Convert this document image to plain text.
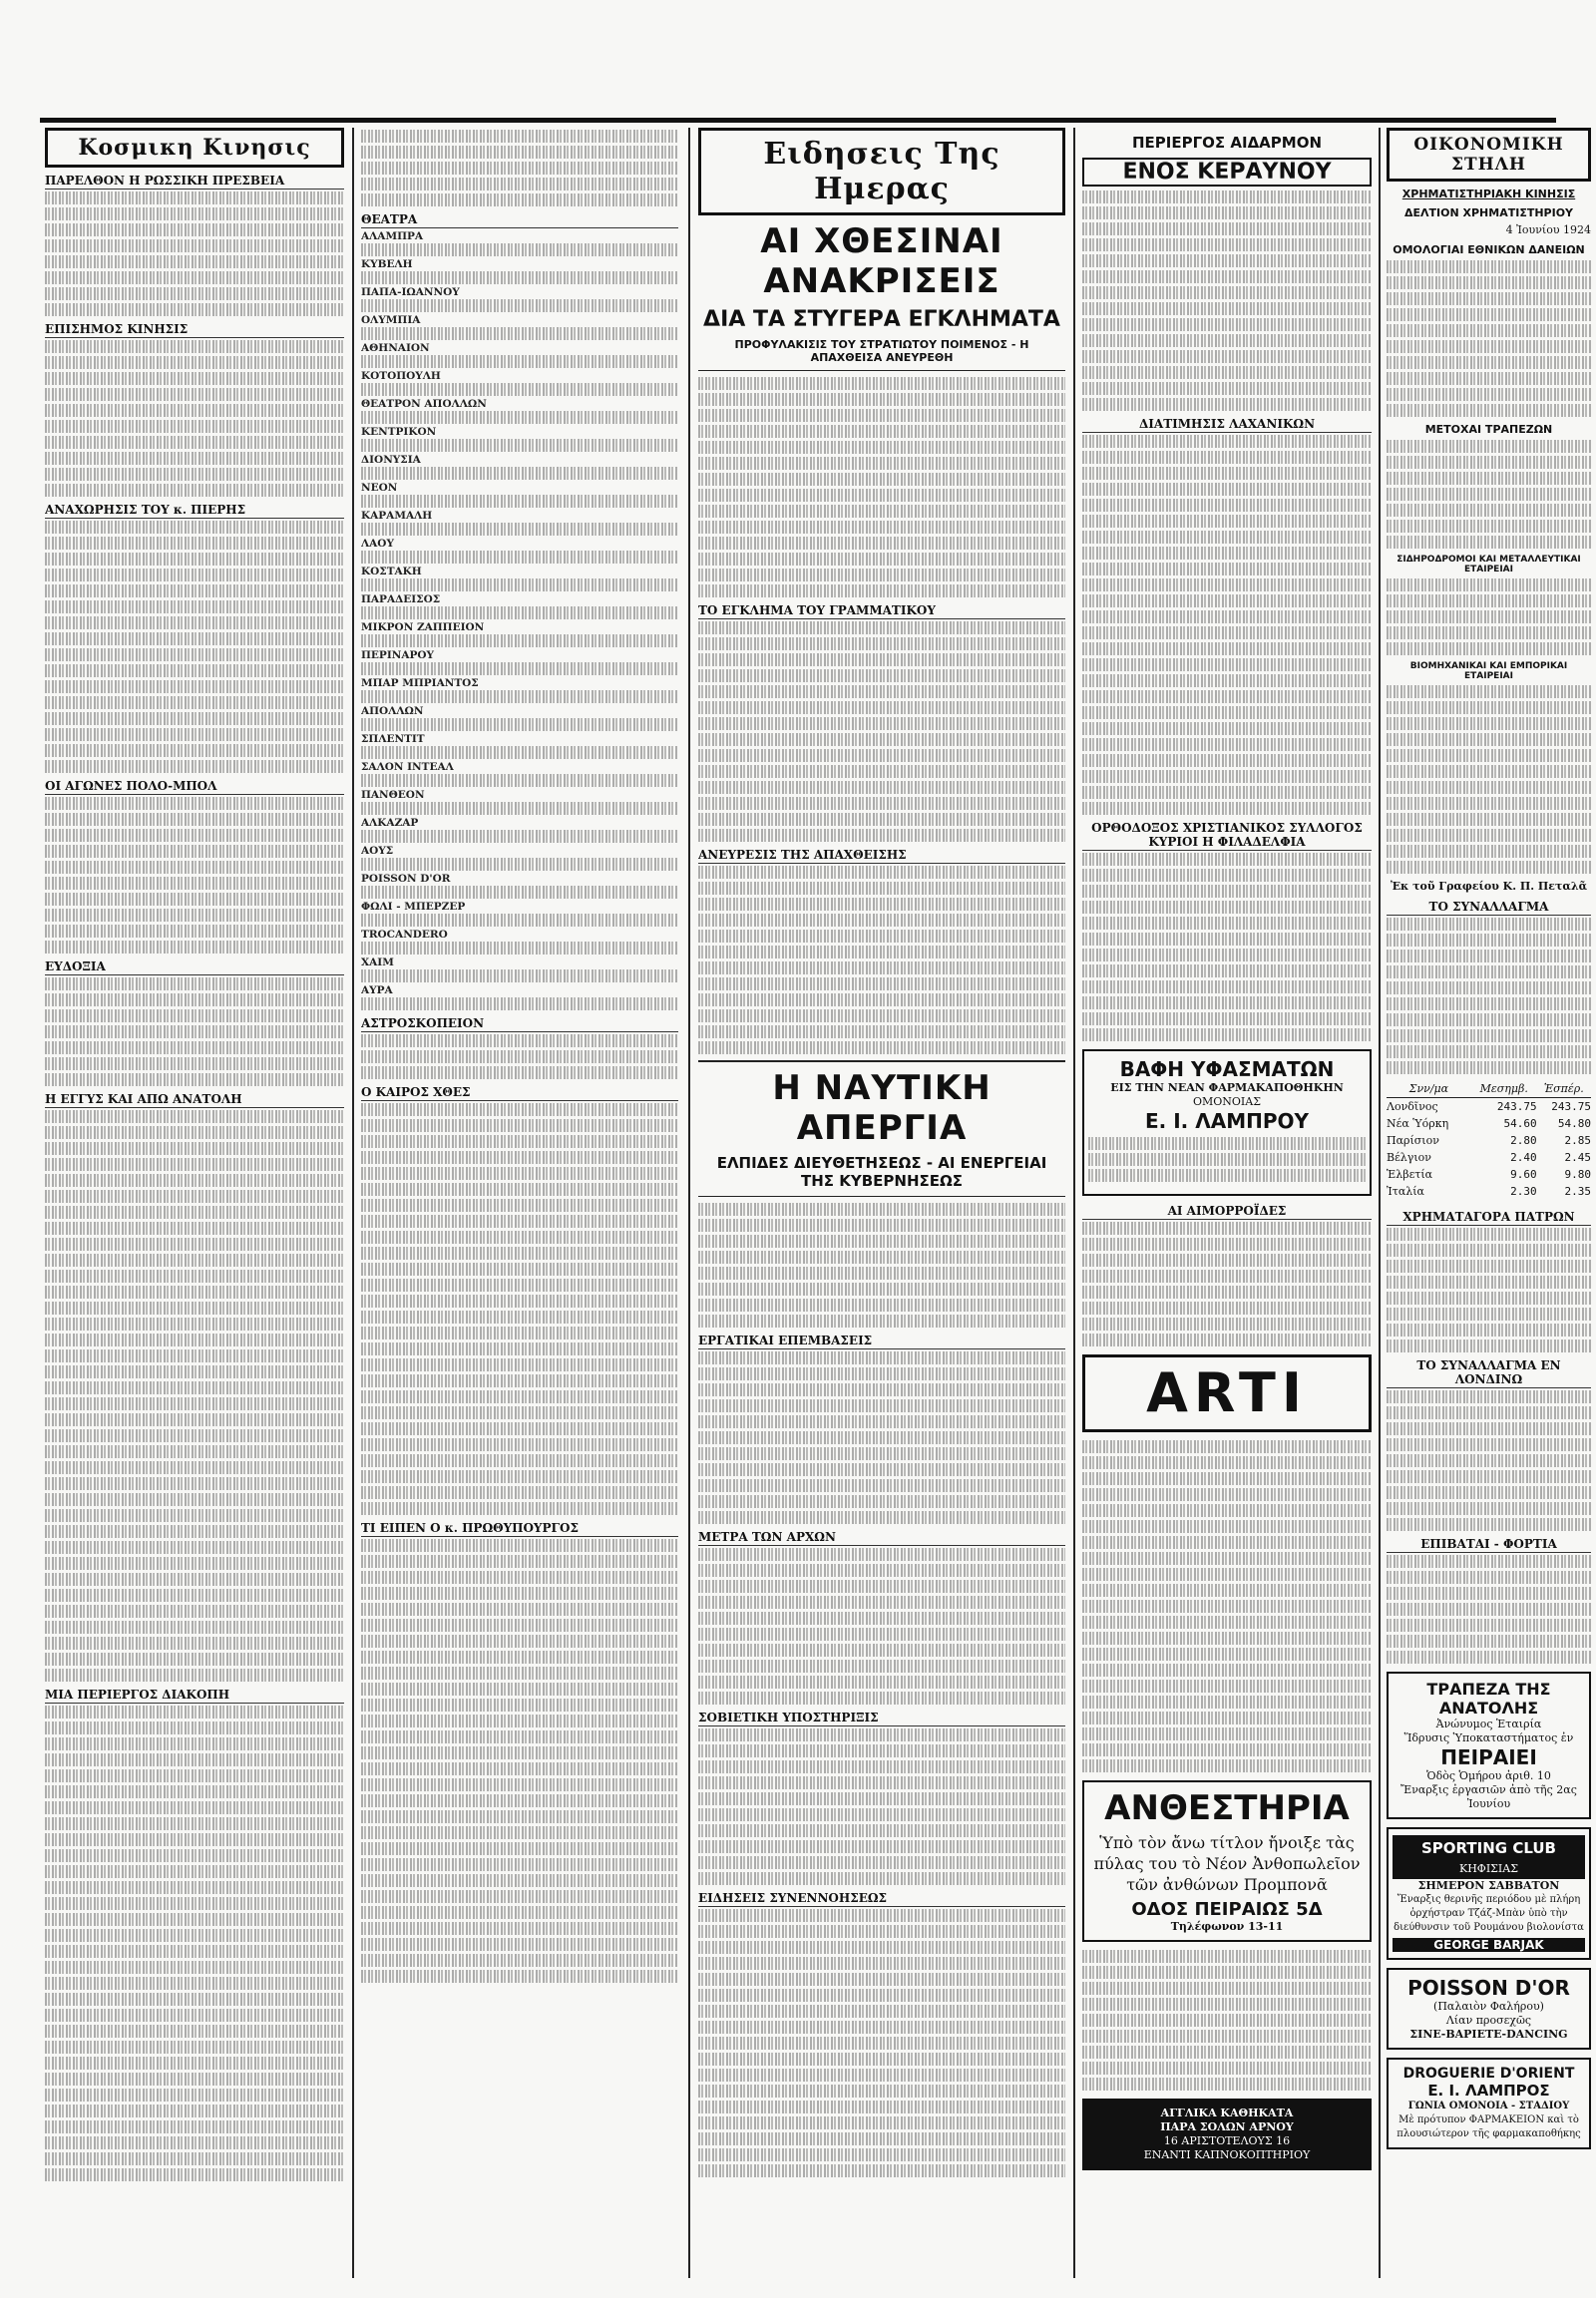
Κοσμικη Κινησις
ΠΑΡΕΛΘΟΝ Η ΡΩΣΣΙΚΗ ΠΡΕΣΒΕΙΑ
ΕΠΙΣΗΜΟΣ ΚΙΝΗΣΙΣ
ΑΝΑΧΩΡΗΣΙΣ ΤΟΥ κ. ΠΙΕΡΗΣ
ΟΙ ΑΓΩΝΕΣ ΠΟΛΟ-ΜΠΟΛ
ΕΥΔΟΞΙΑ
Η ΕΓΓΥΣ ΚΑΙ ΑΠΩ ΑΝΑΤΟΛΗ
ΜΙΑ ΠΕΡΙΕΡΓΟΣ ΔΙΑΚΟΠΗ
ΘΕΑΤΡΑ
ΑΛΑΜΠΡΑ
ΚΥΒΕΛΗ
ΠΑΠΑ-ΙΩΑΝΝΟΥ
ΟΛΥΜΠΙΑ
ΑΘΗΝΑΙΟΝ
ΚΟΤΟΠΟΥΛΗ
ΘΕΑΤΡΟΝ ΑΠΟΛΛΩΝ
ΚΕΝΤΡΙΚΟΝ
ΔΙΟΝΥΣΙΑ
ΝΕΟΝ
ΚΑΡΑΜΑΛΗ
ΛΑΟΥ
ΚΟΣΤΑΚΗ
ΠΑΡΑΔΕΙΣΟΣ
ΜΙΚΡΟΝ ΖΑΠΠΕΙΟΝ
ΠΕΡΙΝΑΡΟΥ
ΜΠΑΡ ΜΠΡΙΑΝΤΟΣ
ΑΠΟΛΛΩΝ
ΣΠΛΕΝΤΙΤ
ΣΑΛΟΝ ΙΝΤΕΑΛ
ΠΑΝΘΕΟΝ
ΑΛΚΑΖΑΡ
ΑΟΥΣ
POISSON D'OR
ΦΩΛΙ - ΜΠΕΡΖΕΡ
TROCANDERO
ΧΑΙΜ
ΑΥΡΑ
ΑΣΤΡΟΣΚΟΠΕΙΟΝ
Ο ΚΑΙΡΟΣ ΧΘΕΣ
ΤΙ ΕΙΠΕΝ Ο κ. ΠΡΩΘΥΠΟΥΡΓΟΣ
Ειδησεις Της Ημερας
ΑΙ ΧΘΕΣΙΝΑΙ ΑΝΑΚΡΙΣΕΙΣ
ΔΙΑ ΤΑ ΣΤΥΓΕΡΑ ΕΓΚΛΗΜΑΤΑ
ΠΡΟΦΥΛΑΚΙΣΙΣ ΤΟΥ ΣΤΡΑΤΙΩΤΟΥ ΠΟΙΜΕΝΟΣ - Η ΑΠΑΧΘΕΙΣΑ ΑΝΕΥΡΕΘΗ
ΤΟ ΕΓΚΛΗΜΑ ΤΟΥ ΓΡΑΜΜΑΤΙΚΟΥ
ΑΝΕΥΡΕΣΙΣ ΤΗΣ ΑΠΑΧΘΕΙΣΗΣ
Η ΝΑΥΤΙΚΗ ΑΠΕΡΓΙΑ
ΕΛΠΙΔΕΣ ΔΙΕΥΘΕΤΗΣΕΩΣ - ΑΙ ΕΝΕΡΓΕΙΑΙ ΤΗΣ ΚΥΒΕΡΝΗΣΕΩΣ
ΕΡΓΑΤΙΚΑΙ ΕΠΕΜΒΑΣΕΙΣ
ΜΕΤΡΑ ΤΩΝ ΑΡΧΩΝ
ΣΟΒΙΕΤΙΚΗ ΥΠΟΣΤΗΡΙΞΙΣ
ΕΙΔΗΣΕΙΣ ΣΥΝΕΝΝΟΗΣΕΩΣ
ΠΕΡΙΕΡΓΟΣ ΑΙΔΑΡΜΟΝ
ΕΝΟΣ ΚΕΡΑΥΝΟΥ
ΔΙΑΤΙΜΗΣΙΣ ΛΑΧΑΝΙΚΩΝ
ΟΡΘΟΔΟΞΟΣ ΧΡΙΣΤΙΑΝΙΚΟΣ ΣΥΛΛΟΓΟΣ ΚΥΡΙΟΙ Η ΦΙΛΑΔΕΛΦΙΑ
ΒΑΦΗ ΥΦΑΣΜΑΤΩΝ
ΕΙΣ ΤΗΝ ΝΕΑΝ ΦΑΡΜΑΚΑΠΟΘΗΚΗΝ
ΟΜΟΝΟΙΑΣ
Ε. Ι. ΛΑΜΠΡΟΥ
ΑΙ ΑΙΜΟΡΡΟΪΔΕΣ
ARTI
ΑΝΘΕΣΤΗΡΙΑ
Ὑπὸ τὸν ἄνω τίτλον ἤνοιξε τὰς πύλας του τὸ Νέον Ἀνθοπωλεῖον τῶν ἀνθώνων Προμπονᾶ
ΟΔΟΣ ΠΕΙΡΑΙΩΣ 5Δ
Τηλέφωνον 13-11
ΑΓΓΛΙΚΑ ΚΑΘΗΚΑΤΑ
ΠΑΡΑ ΣΟΛΩΝ ΑΡΝΟΥ
16 ΑΡΙΣΤΟΤΕΛΟΥΣ 16
ΕΝΑΝΤΙ ΚΑΠΝΟΚΟΠΤΗΡΙΟΥ
ΟΙΚΟΝΟΜΙΚΗ ΣΤΗΛΗ
ΧΡΗΜΑΤΙΣΤΗΡΙΑΚΗ ΚΙΝΗΣΙΣ
ΔΕΛΤΙΟΝ ΧΡΗΜΑΤΙΣΤΗΡΙΟΥ
4 Ἰουνίου 1924
ΟΜΟΛΟΓΙΑΙ ΕΘΝΙΚΩΝ ΔΑΝΕΙΩΝ
ΜΕΤΟΧΑΙ ΤΡΑΠΕΖΩΝ
ΣΙΔΗΡΟΔΡΟΜΟΙ ΚΑΙ ΜΕΤΑΛΛΕΥΤΙΚΑΙ ΕΤΑΙΡΕΙΑΙ
ΒΙΟΜΗΧΑΝΙΚΑΙ ΚΑΙ ΕΜΠΟΡΙΚΑΙ ΕΤΑΙΡΕΙΑΙ
Ἐκ τοῦ Γραφείου Κ. Π. Πεταλᾶ
ΤΟ ΣΥΝΑΛΛΑΓΜΑ
Σνν/μα	Μεσημβ.	Ἑσπέρ.
Λονδῖνος	243.75	243.75
Νέα Ὑόρκη	54.60	54.80
Παρίσιον	2.80	2.85
Βέλγιον	2.40	2.45
Ἑλβετία	9.60	9.80
Ἰταλία	2.30	2.35
ΧΡΗΜΑΤΑΓΟΡΑ ΠΑΤΡΩΝ
ΤΟ ΣΥΝΑΛΛΑΓΜΑ ΕΝ ΛΟΝΔΙΝΩ
ΕΠΙΒΑΤΑΙ - ΦΟΡΤΙΑ
ΤΡΑΠΕΖΑ ΤΗΣ ΑΝΑΤΟΛΗΣ
Ἀνώνυμος Ἑταιρία
Ἵδρυσις Ὑποκαταστήματος ἐν
ΠΕΙΡΑΙΕΙ
Ὁδὸς Ὁμήρου ἀριθ. 10
Ἔναρξις ἐργασιῶν ἀπὸ τῆς 2ας Ἰουνίου
SPORTING CLUB ΚΗΦΙΣΙΑΣ
ΣΗΜΕΡΟΝ ΣΑΒΒΑΤΟΝ
Ἔναρξις θερινῆς περιόδου μὲ πλήρη ὀρχήστραν Τζάζ-Μπὰν ὑπὸ τὴν διεύθυνσιν τοῦ Ρουμάνου βιολονίστα
GEORGE BARJAK
POISSON D'OR
(Παλαιὸν Φαλήρου)
Λίαν προσεχῶς
ΣΙΝΕ-ΒΑΡΙΕΤΕ-DANCING
DROGUERIE D'ORIENT
Ε. Ι. ΛΑΜΠΡΟΣ
ΓΩΝΙΑ ΟΜΟΝΟΙΑ - ΣΤΑΔΙΟΥ
Μὲ πρότυπον ΦΑΡΜΑΚΕΙΟΝ καὶ τὸ πλουσιώτερον τῆς φαρμακαποθήκης
